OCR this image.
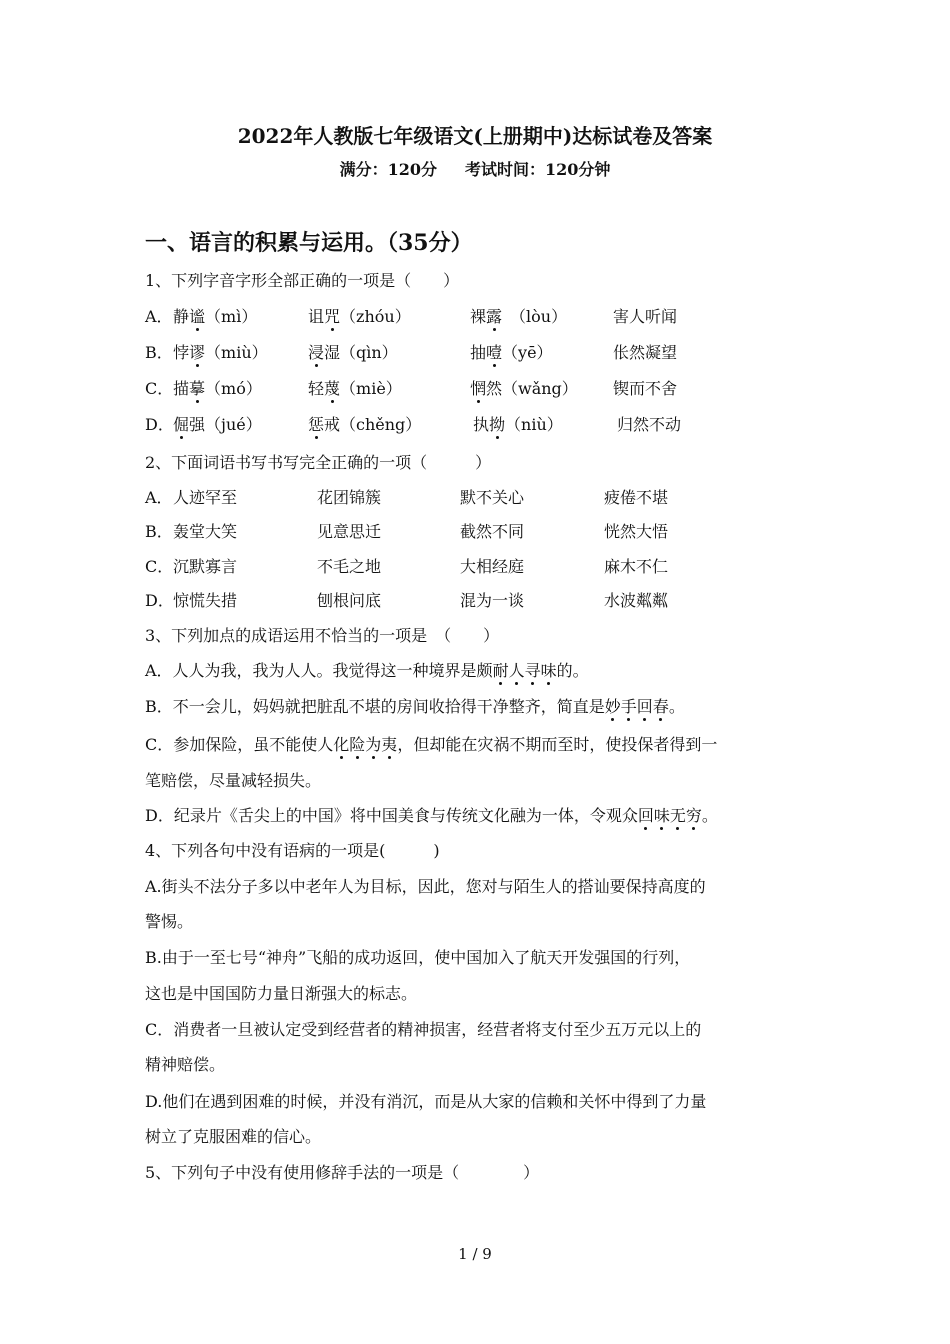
2022年人教版七年级语文(上册期中)达标试卷及答案
满分：120分 考试时间：120分钟
一、语言的积累与运用。（35分）
1、下列字音字形全部正确的一项是（　　）
A． 静谧（mì）	诅咒（zhóu）	裸露　（lòu）	害人听闻
B． 悖谬（miù）	浸湿（qìn）	抽噎（yē）	伥然凝望
C． 描摹（mó）	轻蔑（miè）	惘然（wǎng） 锲而不舍
D． 倔强（jué）	惩戒（chěng）	执拗（niù）	归然不动
2、下面词语书写书写完全正确的一项（　　　）
A． 人迹罕至	花团锦簇	默不关心	疲倦不堪
B． 轰堂大笑	见意思迁	截然不同	恍然大悟
C． 沉默寡言	不毛之地	大相经庭	麻木不仁
D． 惊慌失措	刨根问底	混为一谈	水波粼粼
3、下列加点的成语运用不恰当的一项是　（　　）
A．人人为我，我为人人。我觉得这一种境界是颇耐人寻味的。
B．不一会儿，妈妈就把脏乱不堪的房间收拾得干净整齐，简直是妙手回春。
C．参加保险，虽不能使人化险为夷，但却能在灾祸不期而至时，使投保者得到一
笔赔偿，尽量减轻损失。
D．纪录片《舌尖上的中国》将中国美食与传统文化融为一体，令观众回味无穷。
4、下列各句中没有语病的一项是(　　　)
A.街头不法分子多以中老年人为目标，因此，您对与陌生人的搭讪要保持高度的
警惕。
B.由于一至七号“神舟”飞船的成功返回，使中国加入了航天开发强国的行列，
这也是中国国防力量日渐强大的标志。
C．消费者一旦被认定受到经营者的精神损害，经营者将支付至少五万元以上的
精神赔偿。
D.他们在遇到困难的时候，并没有消沉，而是从大家的信赖和关怀中得到了力量
树立了克服困难的信心。
5、下列句子中没有使用修辞手法的一项是（　　　　）
1 / 9
